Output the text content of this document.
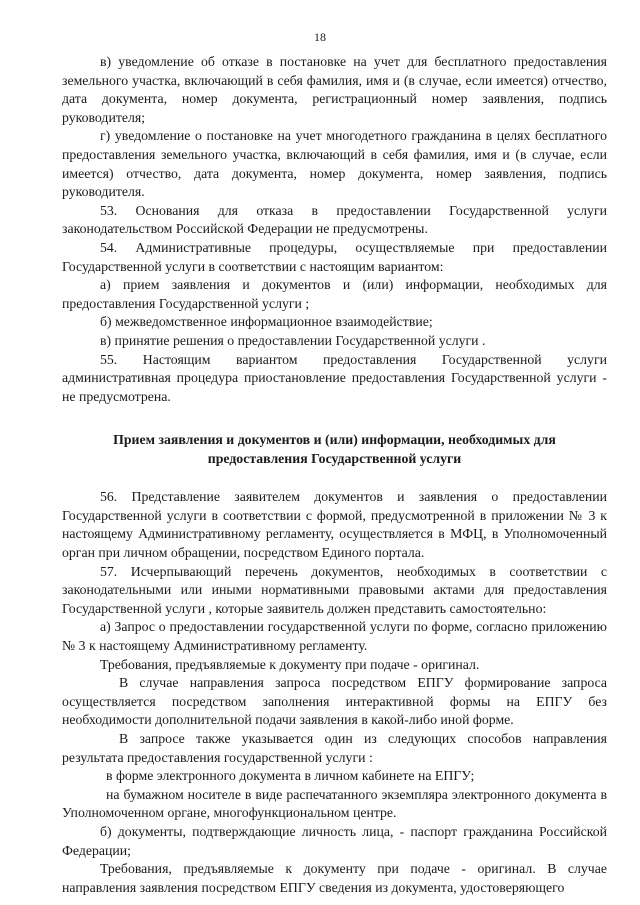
18

в) уведомление об отказе в постановке на учет для бесплатного предоставления земельного участка, включающий в себя фамилия, имя и (в случае, если имеется) отчество, дата документа, номер документа, регистрационный номер заявления, подпись руководителя;

г) уведомление о постановке на учет многодетного гражданина в целях бесплатного предоставления земельного участка, включающий в себя фамилия, имя и (в случае, если имеется) отчество, дата документа, номер документа, номер заявления, подпись руководителя.

53. Основания для отказа в предоставлении Государственной услуги законодательством Российской Федерации не предусмотрены.

54. Административные процедуры, осуществляемые при предоставлении Государственной услуги в соответствии с настоящим вариантом:

а) прием заявления и документов и (или) информации, необходимых для предоставления Государственной услуги ;

б) межведомственное информационное взаимодействие;

в) принятие решения о предоставлении Государственной услуги .

55. Настоящим вариантом предоставления Государственной услуги административная процедура приостановление предоставления Государственной услуги - не предусмотрена.

Прием заявления и документов и (или) информации, необходимых для
предоставления Государственной услуги

56. Представление заявителем документов и заявления о предоставлении Государственной услуги в соответствии с формой, предусмотренной в приложении № 3 к настоящему Административному регламенту, осуществляется в МФЦ, в Уполномоченный орган при личном обращении, посредством Единого портала.

57. Исчерпывающий перечень документов, необходимых в соответствии с законодательными или иными нормативными правовыми актами для предоставления Государственной услуги , которые заявитель должен представить самостоятельно:

а) Запрос о предоставлении государственной услуги по форме, согласно приложению № 3 к настоящему Административному регламенту.

Требования, предъявляемые к документу при подаче - оригинал.

В случае направления запроса посредством ЕПГУ формирование запроса осуществляется посредством заполнения интерактивной формы на ЕПГУ без необходимости дополнительной подачи заявления в какой-либо иной форме.

В запросе также указывается один из следующих способов направления результата предоставления государственной услуги :

в форме электронного документа в личном кабинете на ЕПГУ;

на бумажном носителе в виде распечатанного экземпляра электронного документа в Уполномоченном органе, многофункциональном центре.

б) документы, подтверждающие личность лица, - паспорт гражданина Российской Федерации;

Требования, предъявляемые к документу при подаче - оригинал. В случае направления заявления посредством ЕПГУ сведения из документа, удостоверяющего
